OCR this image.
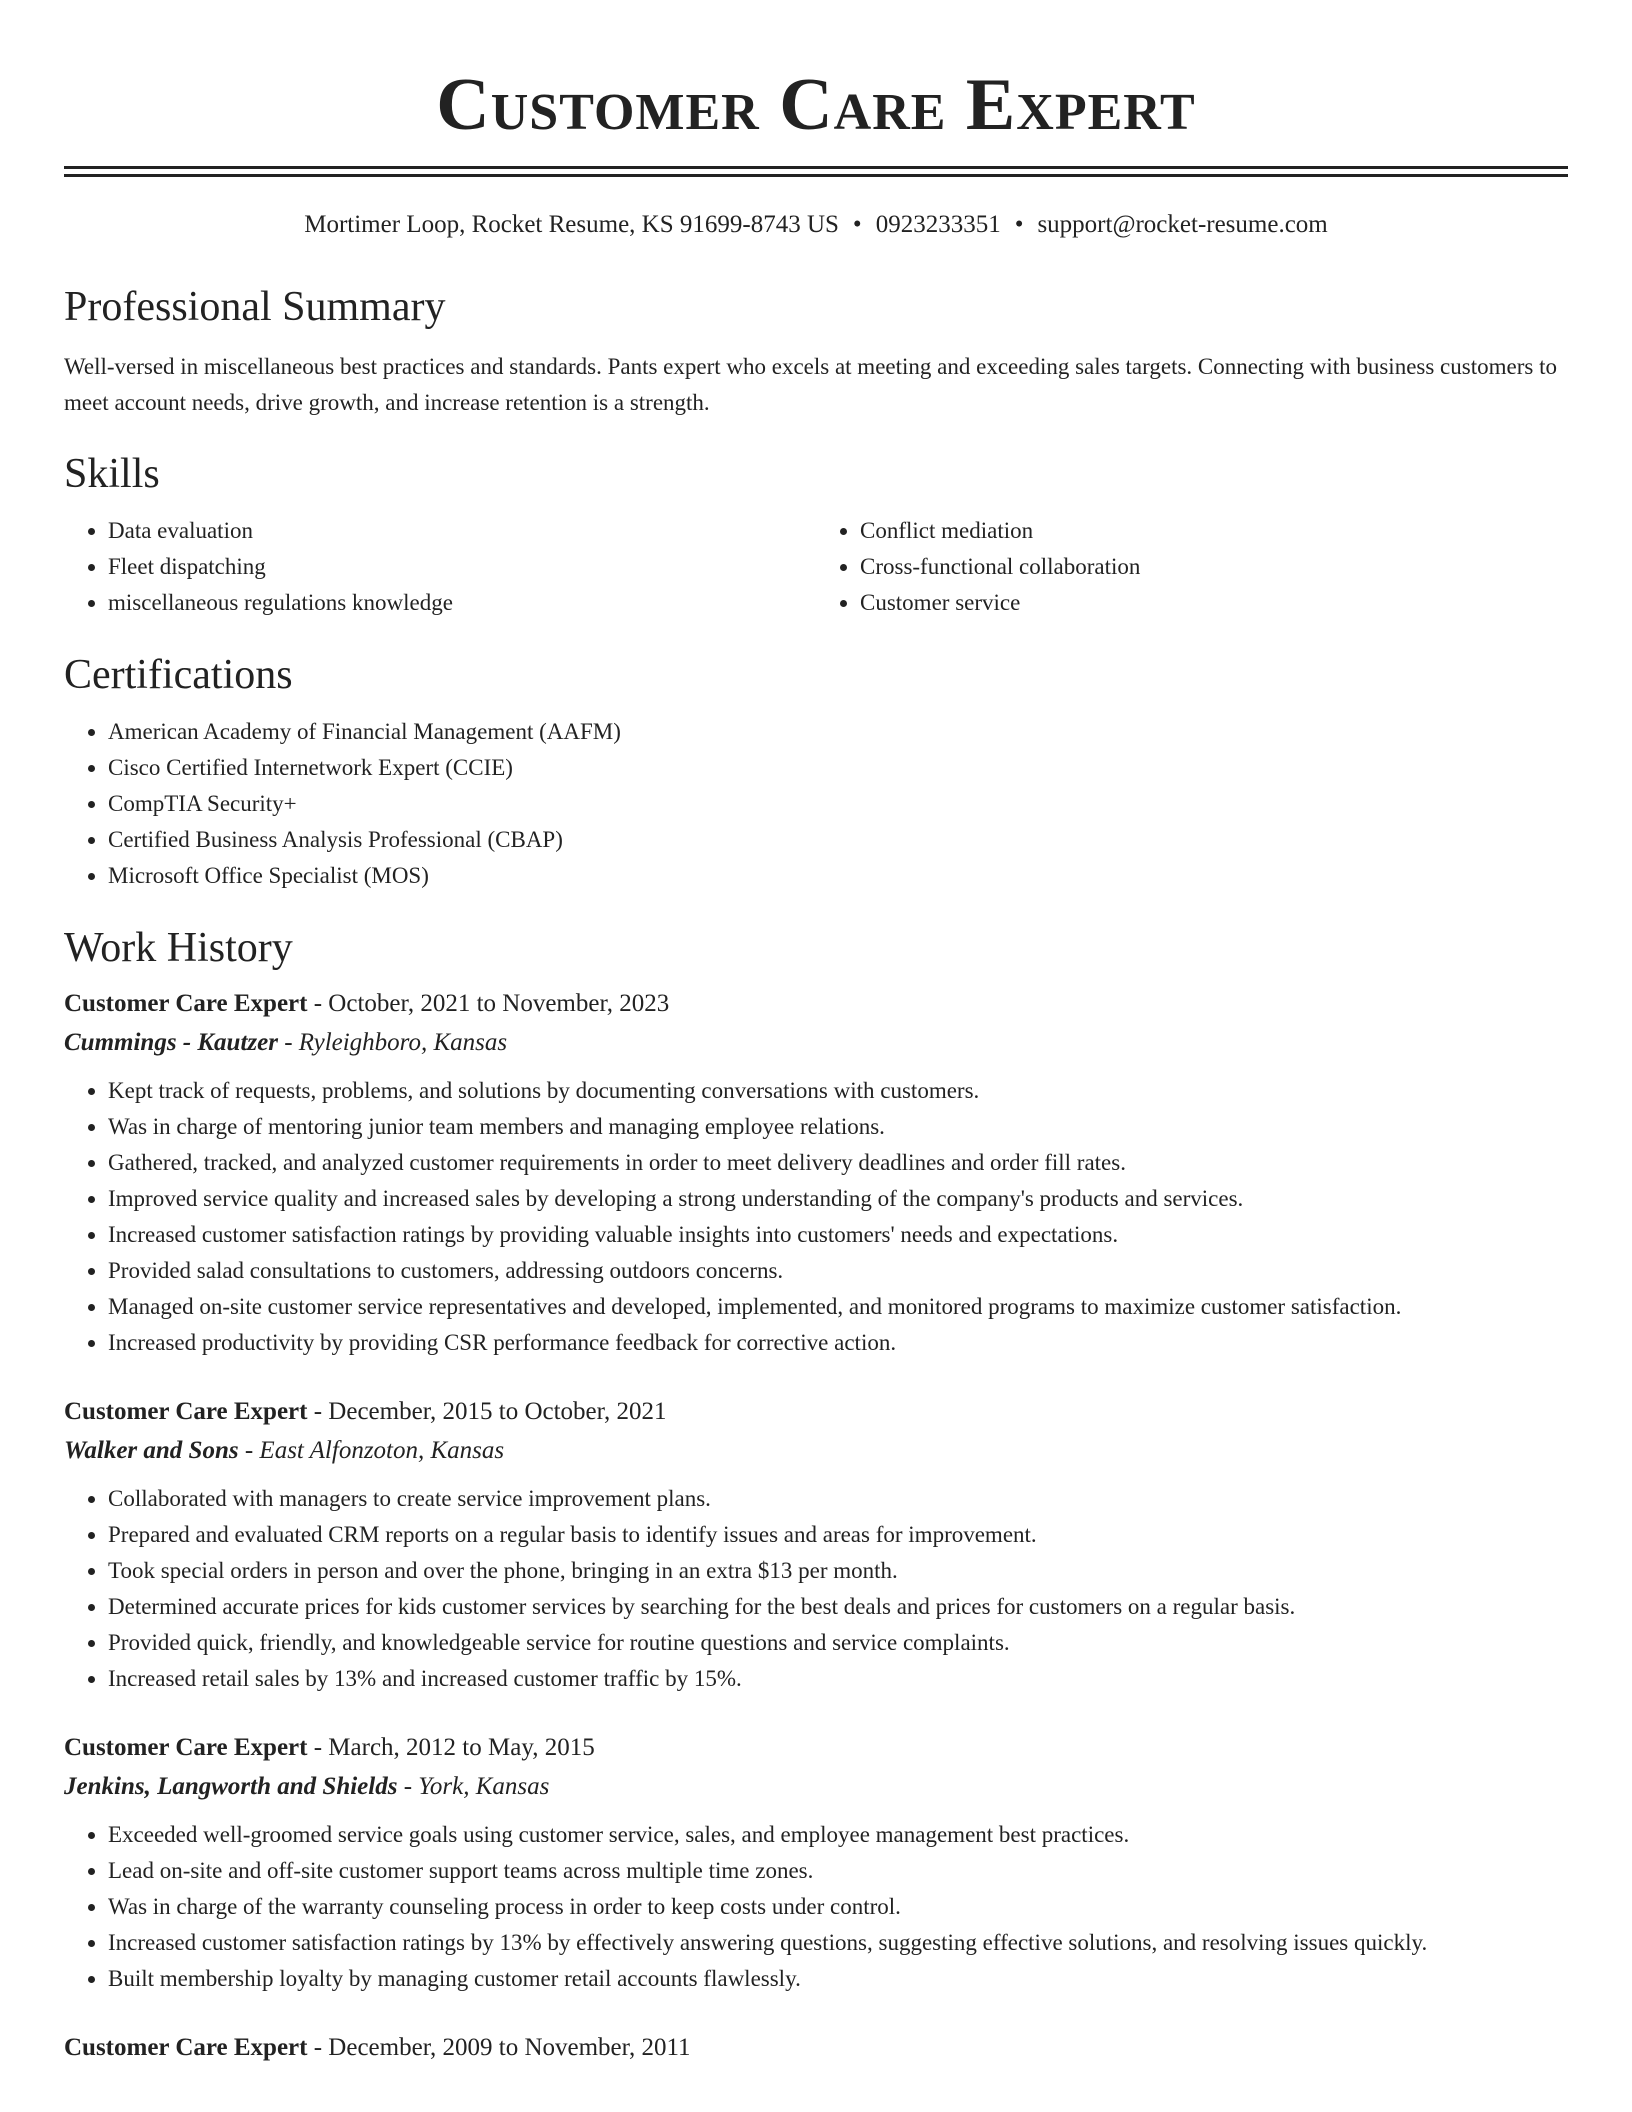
Customer Care Expert
Mortimer Loop, Rocket Resume, KS 91699-8743 US • 0923233351 • support@rocket-resume.com
Professional Summary

Well-versed in miscellaneous best practices and standards. Pants expert who excels at meeting and exceeding sales targets. Connecting with business customers to meet account needs, drive growth, and increase retention is a strength.

Skills
• Data evaluation
• Fleet dispatching
• miscellaneous regulations knowledge
• Conflict mediation
• Cross-functional collaboration
• Customer service
Certifications
• American Academy of Financial Management (AAFM)
• Cisco Certified Internetwork Expert (CCIE)
• CompTIA Security+
• Certified Business Analysis Professional (CBAP)
• Microsoft Office Specialist (MOS)
Work History
Customer Care Expert - October, 2021 to November, 2023
Cummings - Kautzer - Ryleighboro, Kansas
• Kept track of requests, problems, and solutions by documenting conversations with customers.
• Was in charge of mentoring junior team members and managing employee relations.
• Gathered, tracked, and analyzed customer requirements in order to meet delivery deadlines and order fill rates.
• Improved service quality and increased sales by developing a strong understanding of the company's products and services.
• Increased customer satisfaction ratings by providing valuable insights into customers' needs and expectations.
• Provided salad consultations to customers, addressing outdoors concerns.
• Managed on-site customer service representatives and developed, implemented, and monitored programs to maximize customer satisfaction.
• Increased productivity by providing CSR performance feedback for corrective action.
Customer Care Expert - December, 2015 to October, 2021
Walker and Sons - East Alfonzoton, Kansas
• Collaborated with managers to create service improvement plans.
• Prepared and evaluated CRM reports on a regular basis to identify issues and areas for improvement.
• Took special orders in person and over the phone, bringing in an extra $13 per month.
• Determined accurate prices for kids customer services by searching for the best deals and prices for customers on a regular basis.
• Provided quick, friendly, and knowledgeable service for routine questions and service complaints.
• Increased retail sales by 13% and increased customer traffic by 15%.
Customer Care Expert - March, 2012 to May, 2015
Jenkins, Langworth and Shields - York, Kansas
• Exceeded well-groomed service goals using customer service, sales, and employee management best practices.
• Lead on-site and off-site customer support teams across multiple time zones.
• Was in charge of the warranty counseling process in order to keep costs under control.
• Increased customer satisfaction ratings by 13% by effectively answering questions, suggesting effective solutions, and resolving issues quickly.
• Built membership loyalty by managing customer retail accounts flawlessly.
Customer Care Expert - December, 2009 to November, 2011
